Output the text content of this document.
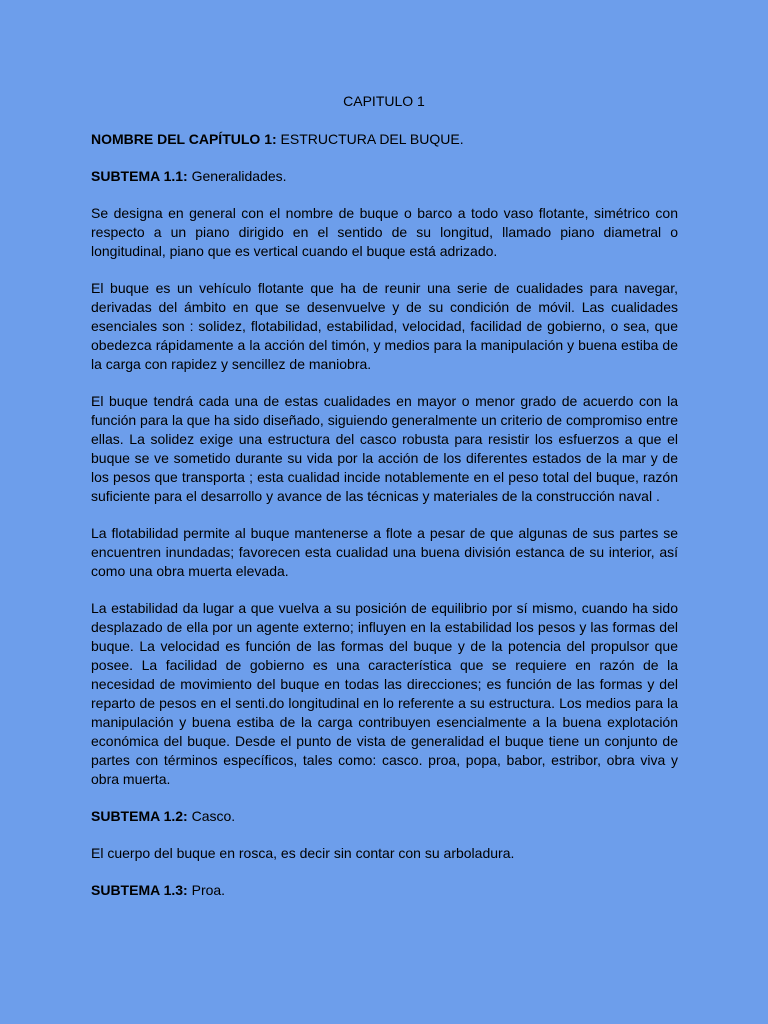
CAPITULO 1

NOMBRE DEL CAPÍTULO 1: ESTRUCTURA DEL BUQUE.

SUBTEMA 1.1: Generalidades.

Se designa en general con el nombre de buque o barco a todo vaso flotante, simétrico con respecto a un piano dirigido en el sentido de su longitud, llamado piano diametral o longitudinal, piano que es vertical cuando el buque está adrizado.

El buque es un vehículo flotante que ha de reunir una serie de cualidades para navegar, derivadas del ámbito en que se desenvuelve y de su condición de móvil. Las cualidades esenciales son : solidez, flotabilidad, estabilidad, velocidad, facilidad de gobierno, o sea, que obedezca rápidamente a la acción del timón, y medios para la manipulación y buena estiba de la carga con rapidez y sencillez de maniobra.

El buque tendrá cada una de estas cualidades en mayor o menor grado de acuerdo con la función para la que ha sido diseñado, siguiendo generalmente un criterio de compromiso entre ellas. La solidez exige una estructura del casco robusta para resistir los esfuerzos a que el buque se ve sometido durante su vida por la acción de los diferentes estados de la mar y de los pesos que transporta ; esta cualidad incide notablemente en el peso total del buque, razón suficiente para el desarrollo y avance de las técnicas y materiales de la construcción naval .

La flotabilidad permite al buque mantenerse a flote a pesar de que algunas de sus partes se encuentren inundadas; favorecen esta cualidad una buena división estanca de su interior, así como una obra muerta elevada.

La estabilidad da lugar a que vuelva a su posición de equilibrio por sí mismo, cuando ha sido desplazado de ella por un agente externo; influyen en la estabilidad los pesos y las formas del buque. La velocidad es función de las formas del buque y de la potencia del propulsor que posee. La facilidad de gobierno es una característica que se requiere en razón de la necesidad de movimiento del buque en todas las direcciones; es función de las formas y del reparto de pesos en el senti.do longitudinal en lo referente a su estructura. Los medios para la manipulación y buena estiba de la carga contribuyen esencialmente a la buena explotación económica del buque. Desde el punto de vista de generalidad el buque tiene un conjunto de partes con términos específicos, tales como: casco. proa, popa, babor, estribor, obra viva y obra muerta.

SUBTEMA 1.2: Casco.

El cuerpo del buque en rosca, es decir sin contar con su arboladura.

SUBTEMA 1.3: Proa.
